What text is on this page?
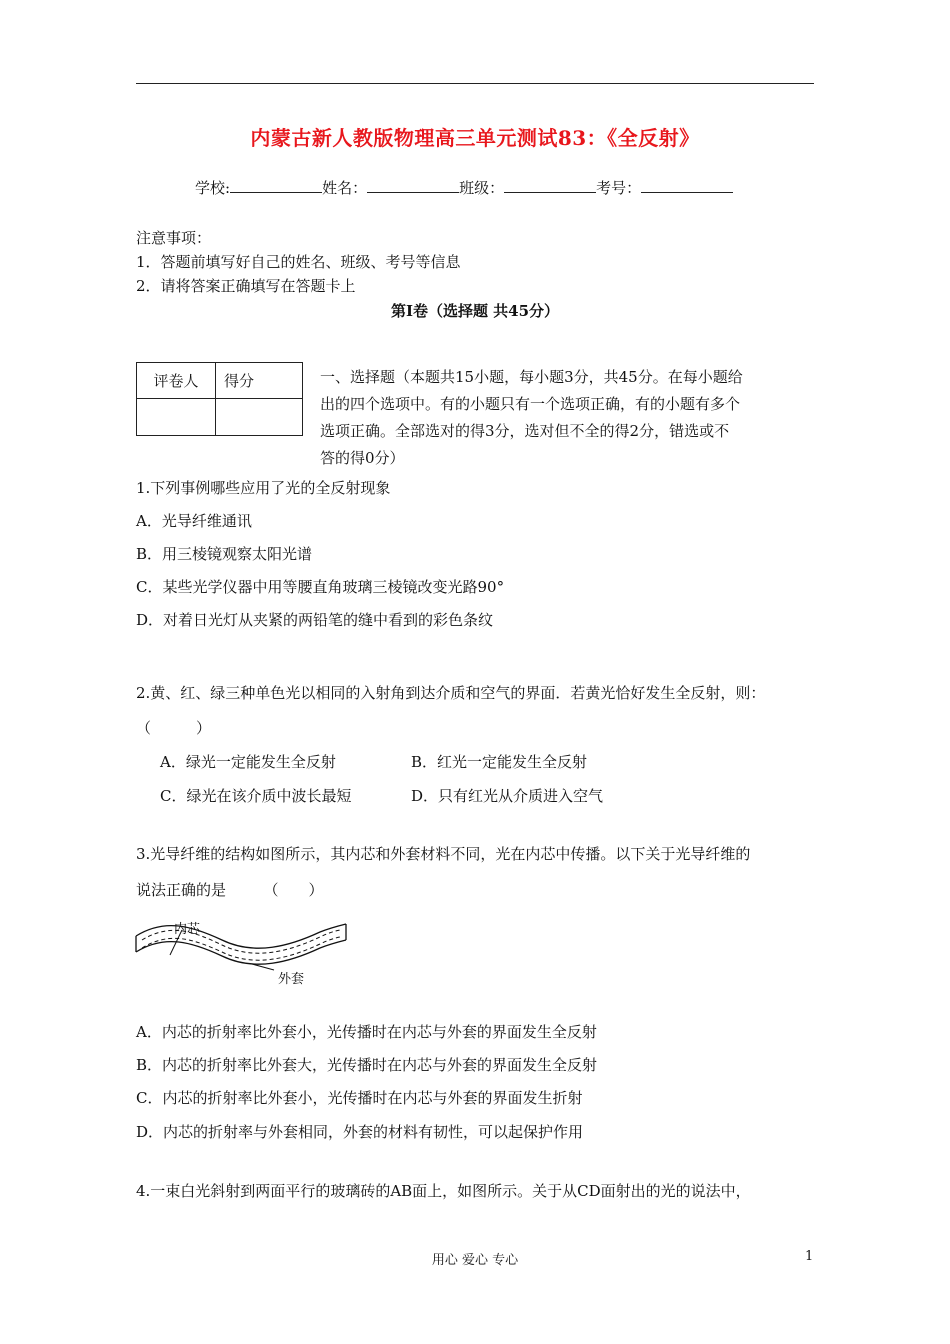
内蒙古新人教版物理高三单元测试83：《全反射》
学校:	姓名：	班级：	考号：
注意事项：
1．答题前填写好自己的姓名、班级、考号等信息
2．请将答案正确填写在答题卡上
第I卷（选择题 共45分）
评卷人	得分
		一、选择题（本题共15小题，每小题3分，共45分。在每小题给
出的四个选项中。有的小题只有一个选项正确，有的小题有多个
选项正确。全部选对的得3分，选对但不全的得2分，错选或不
答的得0分）
1.下列事例哪些应用了光的全反射现象
A．光导纤维通讯
B．用三棱镜观察太阳光谱
C．某些光学仪器中用等腰直角玻璃三棱镜改变光路90°
D．对着日光灯从夹紧的两铅笔的缝中看到的彩色条纹
2.黄、红、绿三种单色光以相同的入射角到达介质和空气的界面．若黄光恰好发生全反射，则：
（　　　）
A．绿光一定能发生全反射	B．红光一定能发生全反射
C．绿光在该介质中波长最短	D．只有红光从介质进入空气
3.光导纤维的结构如图所示，其内芯和外套材料不同，光在内芯中传播。以下关于光导纤维的
说法正确的是　　　（　　）
内芯
外套
A．内芯的折射率比外套小，光传播时在内芯与外套的界面发生全反射
B．内芯的折射率比外套大，光传播时在内芯与外套的界面发生全反射
C．内芯的折射率比外套小，光传播时在内芯与外套的界面发生折射
D．内芯的折射率与外套相同，外套的材料有韧性，可以起保护作用
4.一束白光斜射到两面平行的玻璃砖的AB面上，如图所示。关于从CD面射出的光的说法中，
用心 爱心 专心	1
